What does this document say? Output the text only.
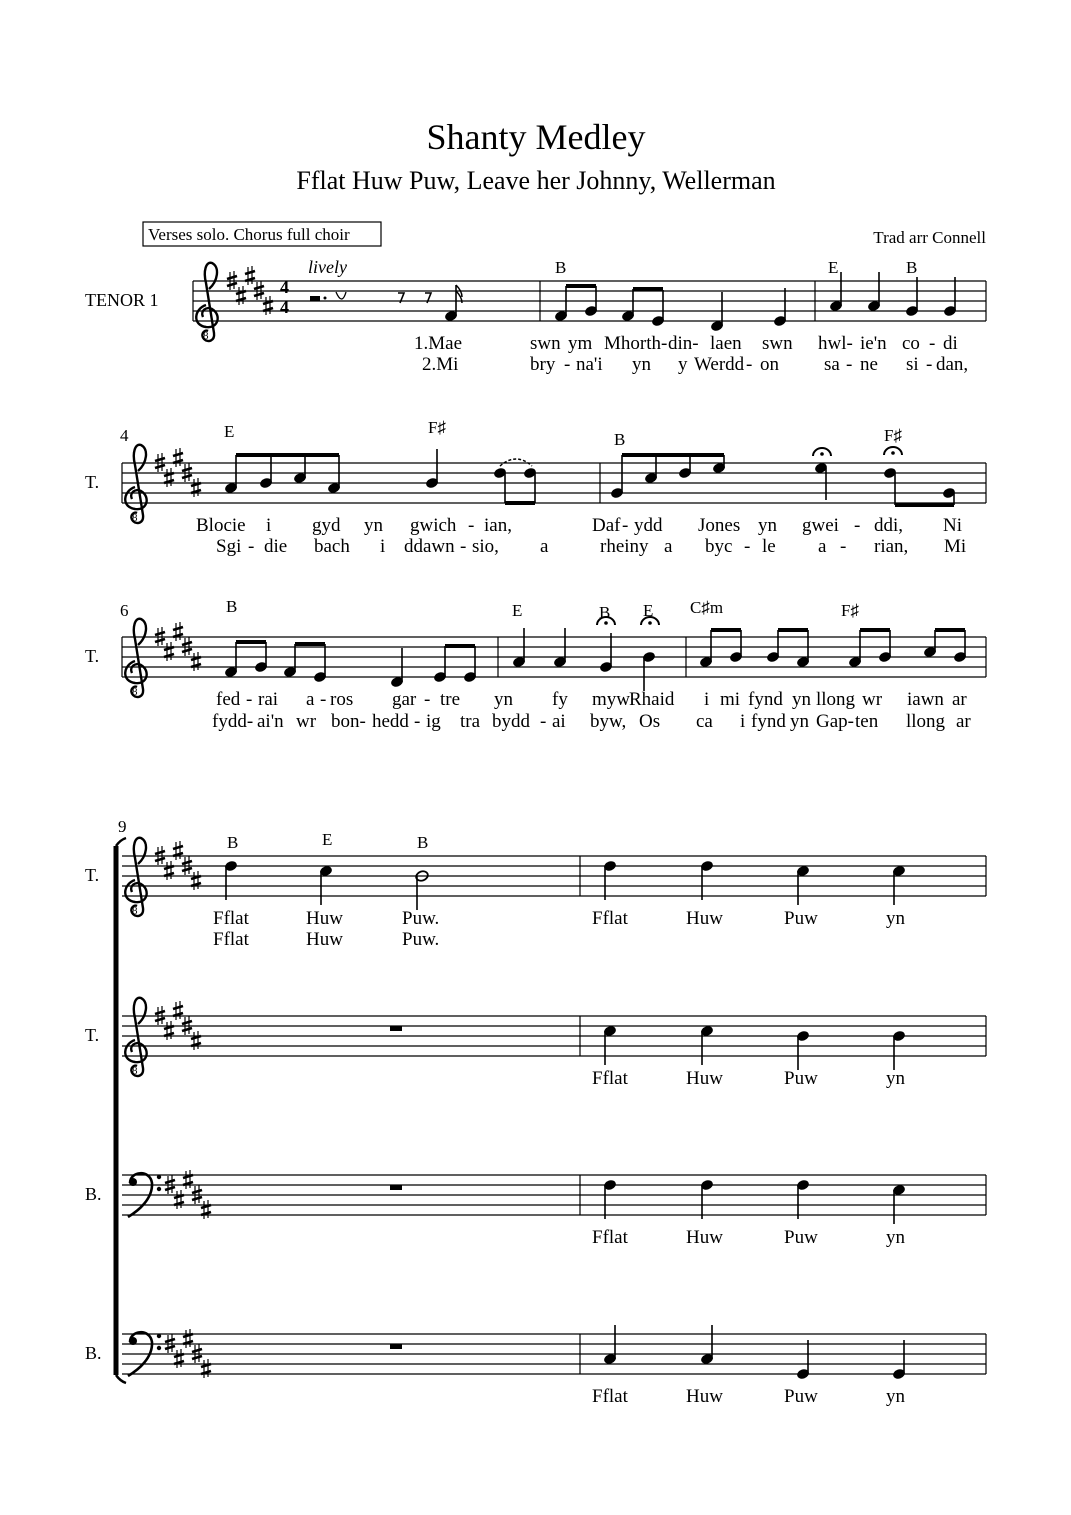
Shanty Medley
Fflat Huw Puw, Leave her Johnny, Wellerman
Verses solo. Chorus full choir	Trad arr Connell
TENOR 1
8
4
4
lively	B	E	B
1.Mae	swn ym Mhorth- din- laen swn hwl- ie'n co - di
2.Mi	bry - na'i yn y Werdd - on sa - ne si - dan,
4
T.
8
E	F♯
B	F♯
Blocie i gyd yn gwich - ian,	Daf - ydd Jones yn gwei - ddi, Ni
Sgi - die bach i ddawn - sio, a	rheiny a byc - le a - rian, Mi
6
T.
8
B	E	B E C♯m	F♯
fed - rai a - ros gar - tre yn fy myw Rhaid i mi fynd yn llong wr iawn ar
fydd- ai'n wr bon- hedd - ig tra bydd - ai byw, Os ca i fynd yn Gap- ten llong ar
9
T.
8
B	E	B
Fflat	Huw	Puw.	Fflat	Huw	Puw	yn
Fflat	Huw	Puw.
T.
8	Fflat	Huw	Puw	yn
B.
Fflat	Huw	Puw	yn
B.
Fflat	Huw	Puw	yn
